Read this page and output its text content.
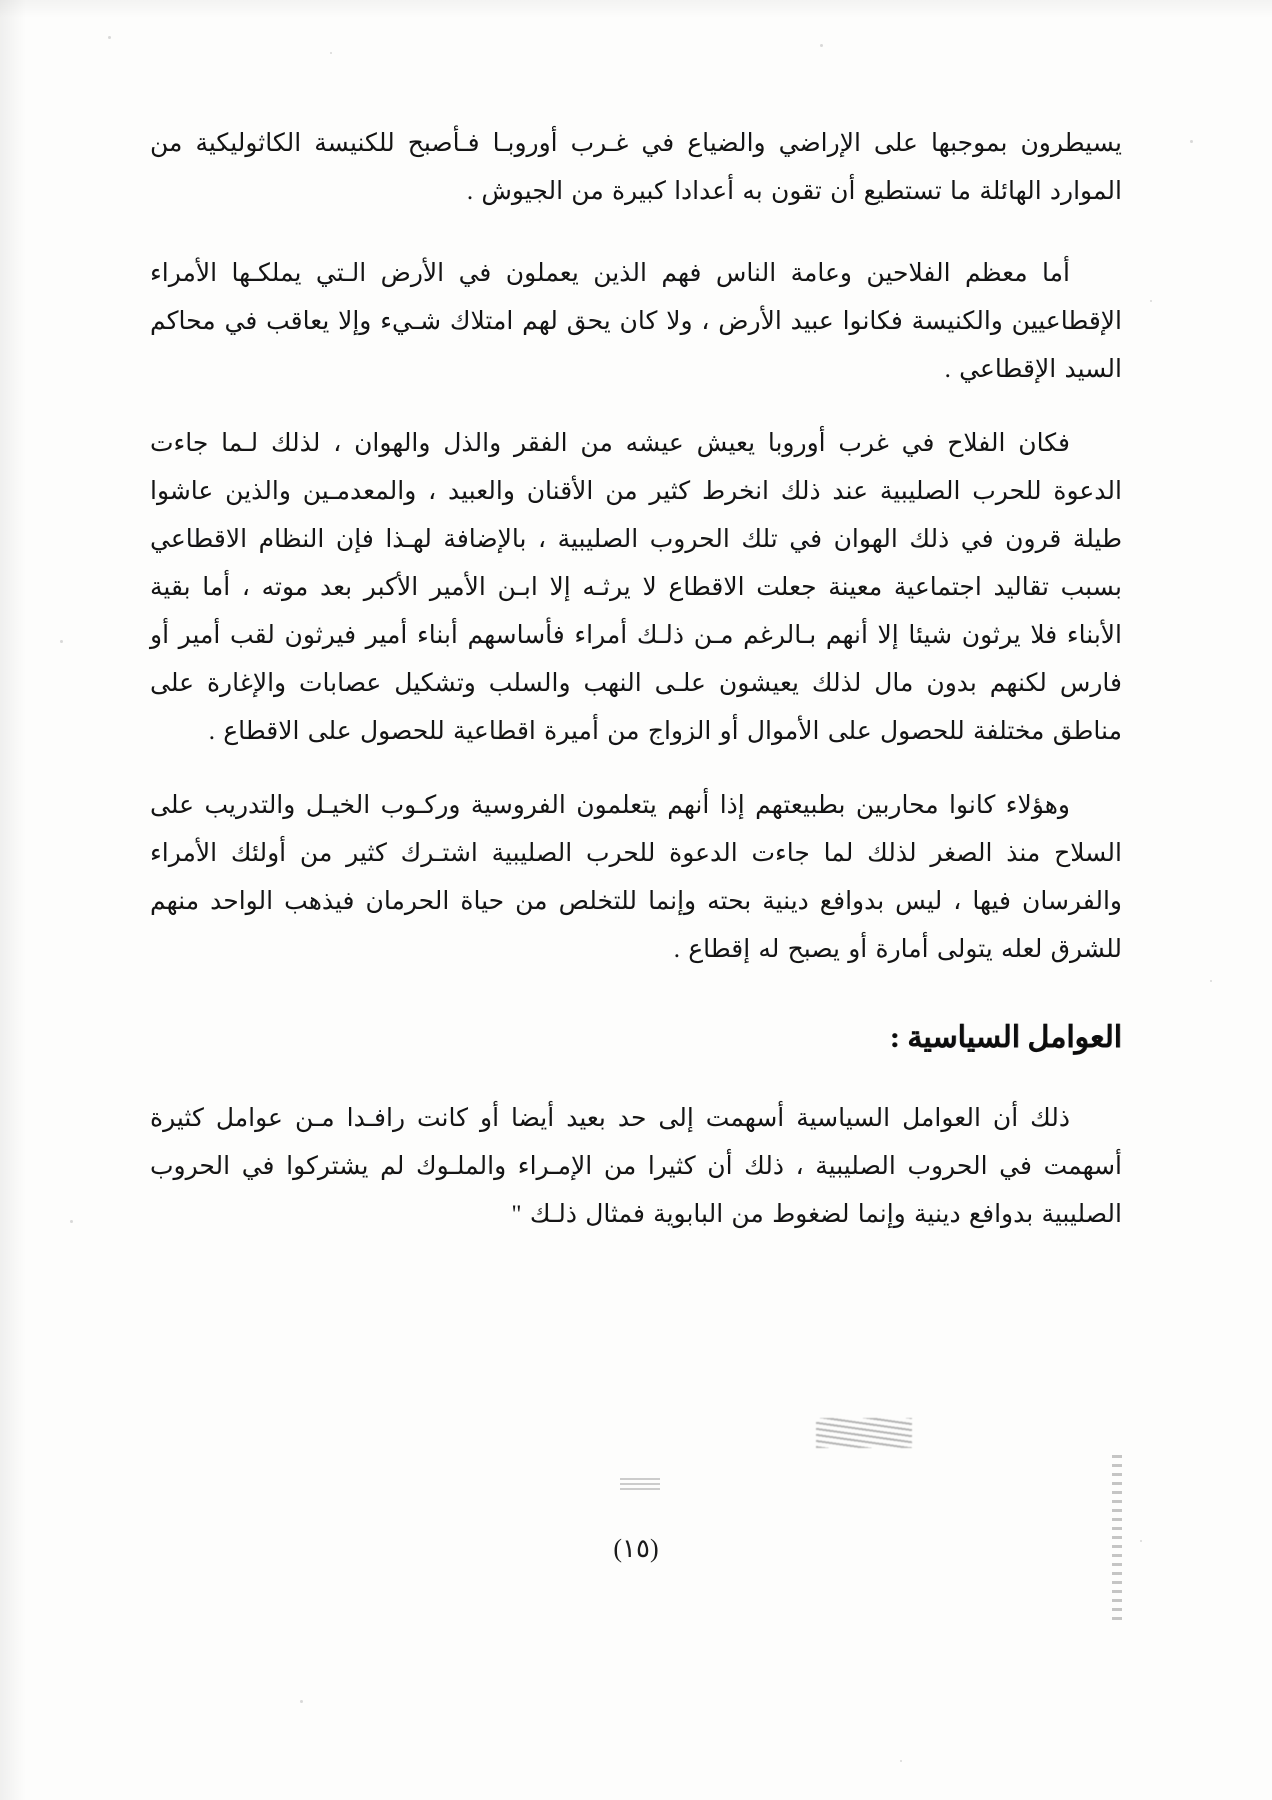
يسيطرون بموجبها على الإراضي والضياع في غـرب أوروبـا فـأصبح للكنيسة الكاثوليكية من الموارد الهائلة ما تستطيع أن تقون به أعدادا كبيرة من الجيوش .

أما معظم الفلاحين وعامة الناس فهم الذين يعملون في الأرض الـتي يملكـها الأمراء الإقطاعيين والكنيسة فكانوا عبيد الأرض ، ولا كان يحق لهم امتلاك شـيء وإلا يعاقب في محاكم السيد الإقطاعي .

فكان الفلاح في غرب أوروبا يعيش عيشه من الفقر والذل والهوان ، لذلك لـما جاءت الدعوة للحرب الصليبية عند ذلك انخرط كثير من الأقنان والعبيد ، والمعدمـين والذين عاشوا طيلة قرون في ذلك الهوان في تلك الحروب الصليبية ، بالإضافة لهـذا فإن النظام الاقطاعي بسبب تقاليد اجتماعية معينة جعلت الاقطاع لا يرثـه إلا ابـن الأمير الأكبر بعد موته ، أما بقية الأبناء فلا يرثون شيئا إلا أنهم بـالرغم مـن ذلـك أمراء فأساسهم أبناء أمير فيرثون لقب أمير أو فارس لكنهم بدون مال لذلك يعيشون علـى النهب والسلب وتشكيل عصابات والإغارة على مناطق مختلفة للحصول على الأموال أو الزواج من أميرة اقطاعية للحصول على الاقطاع .

وهؤلاء كانوا محاربين بطبيعتهم إذا أنهم يتعلمون الفروسية وركـوب الخيـل والتدريب على السلاح منذ الصغر لذلك لما جاءت الدعوة للحرب الصليبية اشتـرك كثير من أولئك الأمراء والفرسان فيها ، ليس بدوافع دينية بحته وإنما للتخلص من حياة الحرمان فيذهب الواحد منهم للشرق لعله يتولى أمارة أو يصبح له إقطاع .

العوامل السياسية :

ذلك أن العوامل السياسية أسهمت إلى حد بعيد أيضا أو كانت رافـدا مـن عوامل كثيرة أسهمت في الحروب الصليبية ، ذلك أن كثيرا من الإمـراء والملـوك لم يشتركوا في الحروب الصليبية بدوافع دينية وإنما لضغوط من البابوية فمثال ذلـك "

(١٥)
